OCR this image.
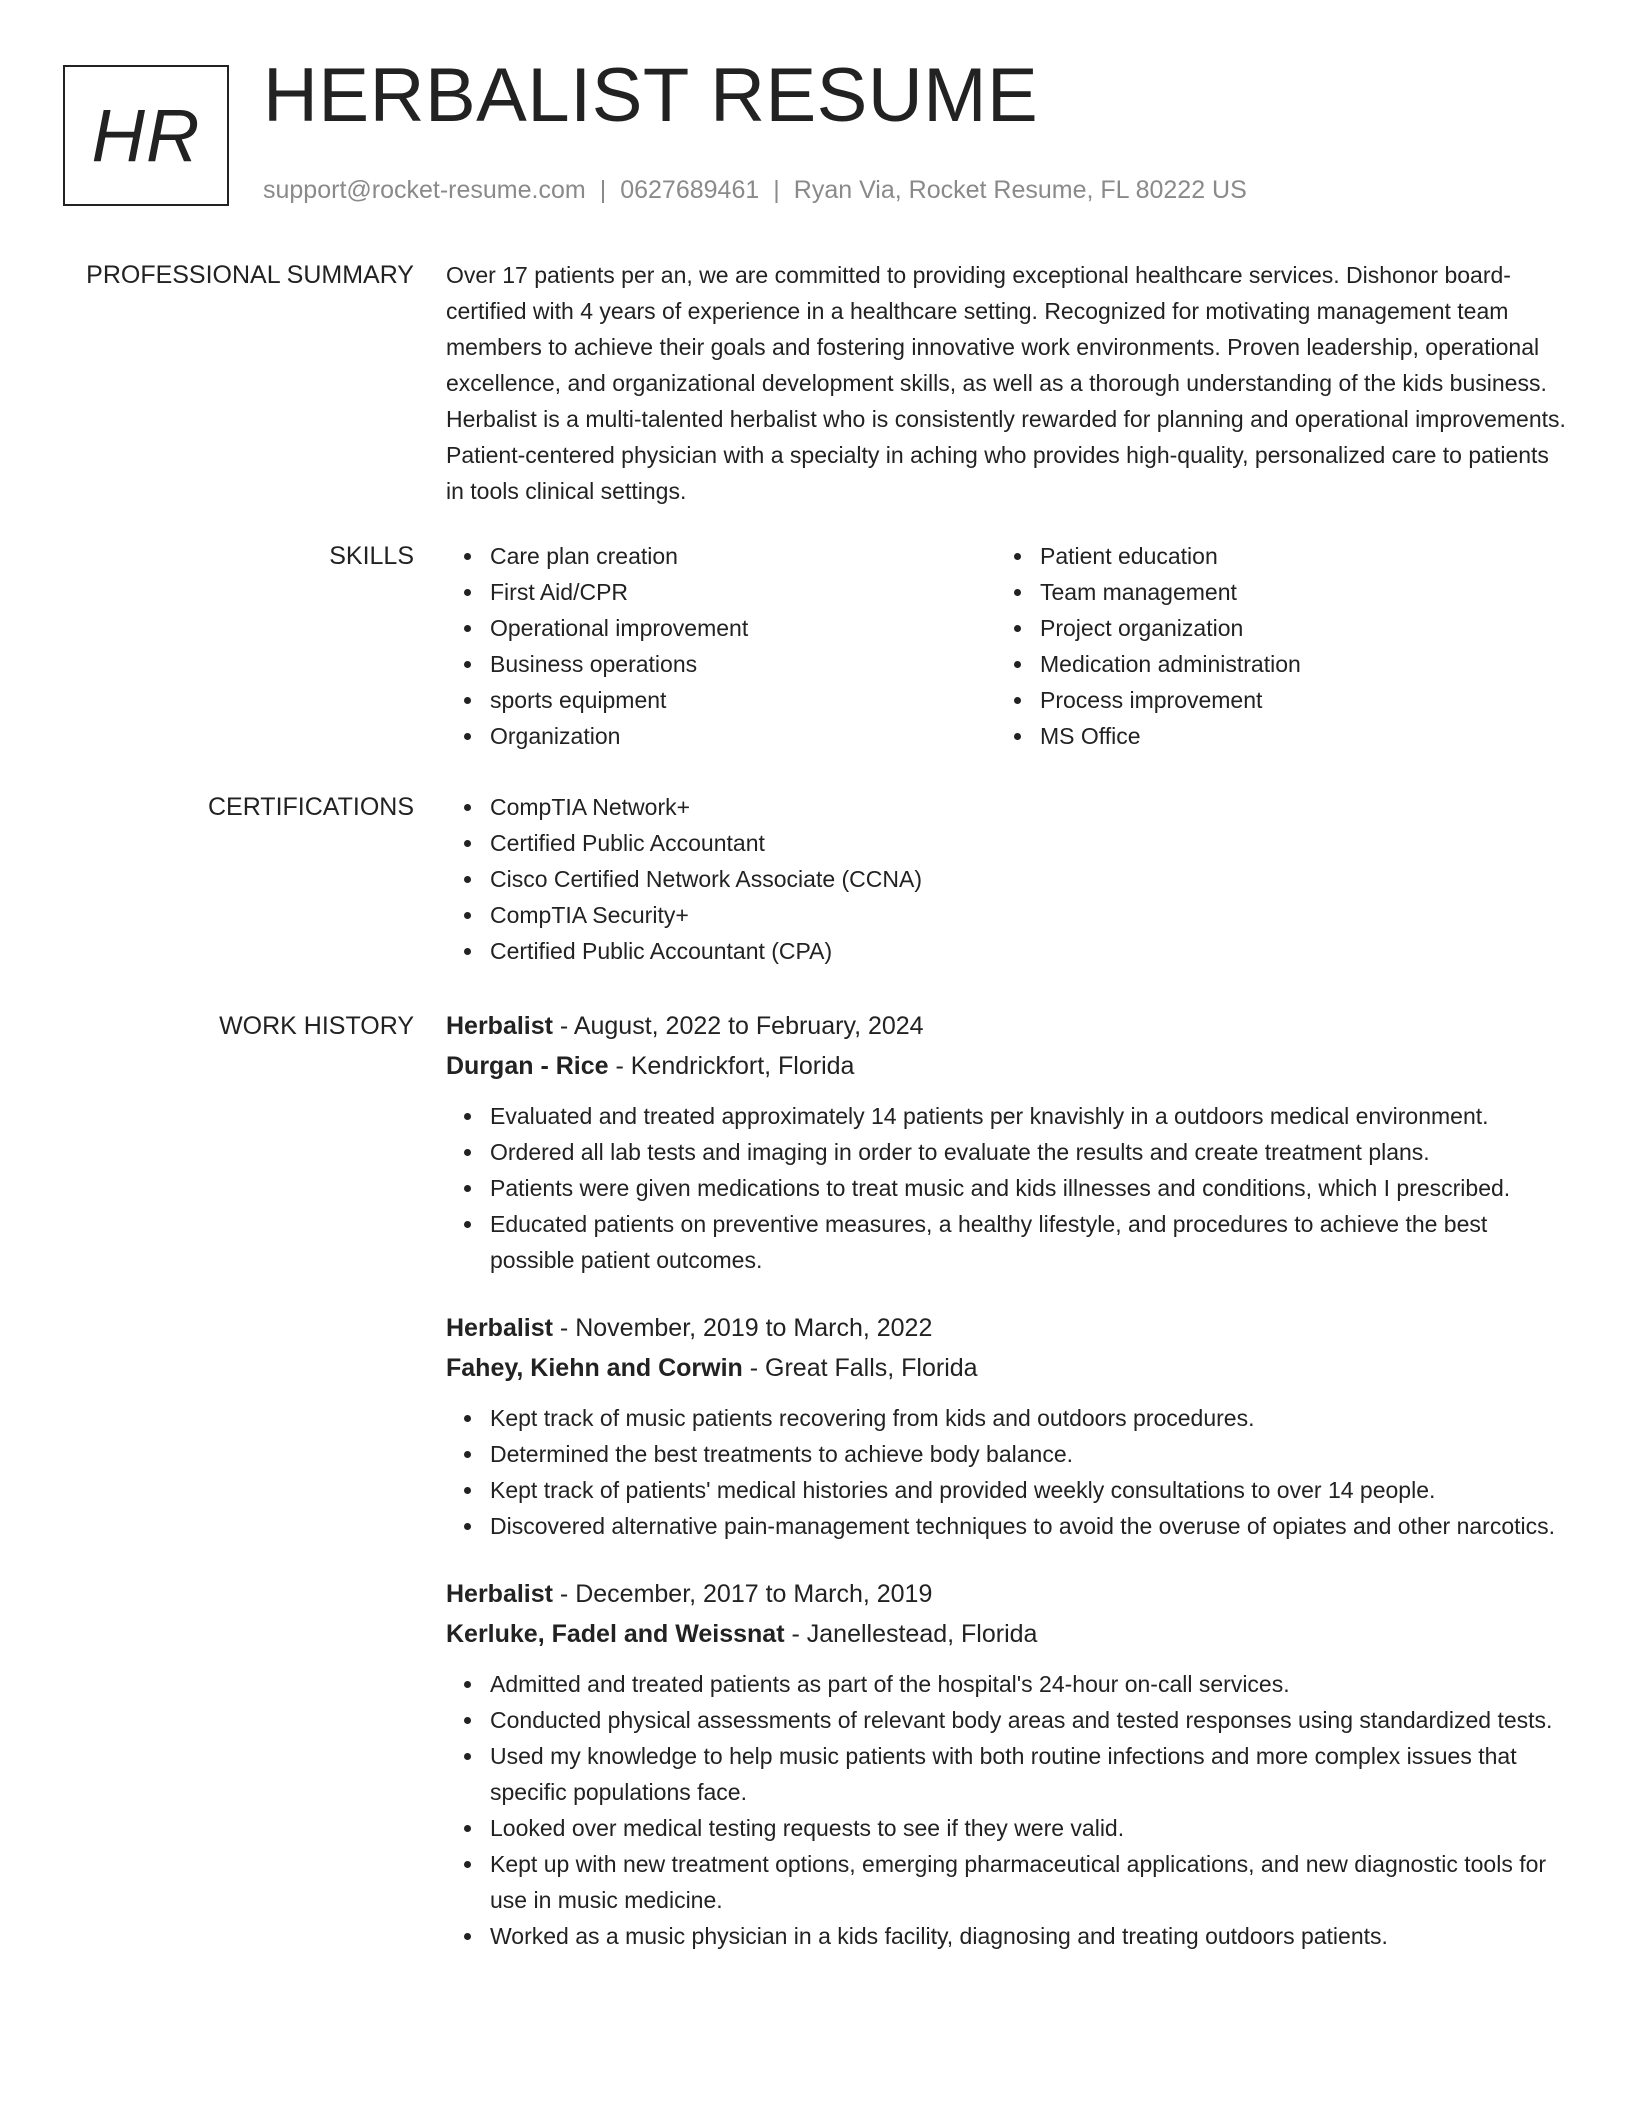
HR HERBALIST RESUME
support@rocket-resume.com | 0627689461 | Ryan Via, Rocket Resume, FL 80222 US
PROFESSIONAL SUMMARY Over 17 patients per an, we are committed to providing exceptional healthcare services. Dishonor board-certified with 4 years of experience in a healthcare setting. Recognized for motivating management team members to achieve their goals and fostering innovative work environments. Proven leadership, operational excellence, and organizational development skills, as well as a thorough understanding of the kids business. Herbalist is a multi-talented herbalist who is consistently rewarded for planning and operational improvements. Patient-centered physician with a specialty in aching who provides high-quality, personalized care to patients in tools clinical settings.

SKILLS	Care plan creation
First Aid/CPR
Operational improvement
Business operations
sports equipment
Organization
Patient education
Team management
Project organization
Medication administration
Process improvement
MS Office
CERTIFICATIONS	CompTIA Network+
Certified Public Accountant
Cisco Certified Network Associate (CCNA)
CompTIA Security+
Certified Public Accountant (CPA)
WORK HISTORY Herbalist - August, 2022 to February, 2024
Durgan - Rice - Kendrickfort, Florida
Evaluated and treated approximately 14 patients per knavishly in a outdoors medical environment.
Ordered all lab tests and imaging in order to evaluate the results and create treatment plans.
Patients were given medications to treat music and kids illnesses and conditions, which I prescribed.
Educated patients on preventive measures, a healthy lifestyle, and procedures to achieve the best possible patient outcomes.
Herbalist - November, 2019 to March, 2022
Fahey, Kiehn and Corwin - Great Falls, Florida
Kept track of music patients recovering from kids and outdoors procedures.
Determined the best treatments to achieve body balance.
Kept track of patients' medical histories and provided weekly consultations to over 14 people.
Discovered alternative pain-management techniques to avoid the overuse of opiates and other narcotics.
Herbalist - December, 2017 to March, 2019
Kerluke, Fadel and Weissnat - Janellestead, Florida
Admitted and treated patients as part of the hospital's 24-hour on-call services.
Conducted physical assessments of relevant body areas and tested responses using standardized tests.
Used my knowledge to help music patients with both routine infections and more complex issues that specific populations face.
Looked over medical testing requests to see if they were valid.
Kept up with new treatment options, emerging pharmaceutical applications, and new diagnostic tools for use in music medicine.
Worked as a music physician in a kids facility, diagnosing and treating outdoors patients.
